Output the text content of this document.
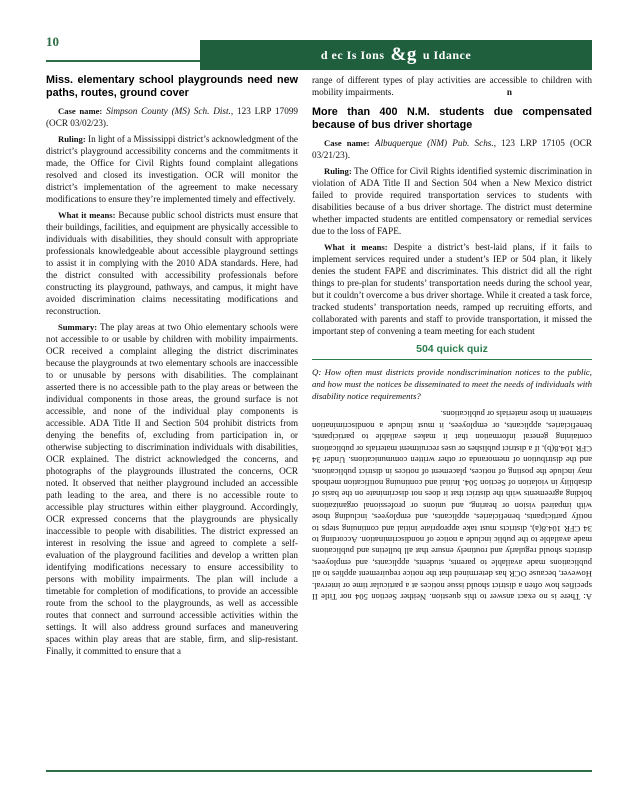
10
d ec Is Ions &g u Idance
Miss. elementary school playgrounds need new paths, routes, ground cover

Case name: Simpson County (MS) Sch. Dist., 123 LRP 17099 (OCR 03/02/23).

Ruling: In light of a Mississippi district’s acknowledgment of the district’s playground accessibility concerns and the commitments it made, the Office for Civil Rights found complaint allegations resolved and closed its investigation. OCR will monitor the district’s implementation of the agreement to make necessary modifications to ensure they’re implemented timely and effectively.

What it means: Because public school districts must ensure that their buildings, facilities, and equipment are physically accessible to individuals with disabilities, they should consult with appropriate professionals knowledgeable about accessible playground settings to assist it in complying with the 2010 ADA standards. Here, had the district consulted with accessibility professionals before constructing its playground, pathways, and campus, it might have avoided discrimination claims necessitating modifications and reconstruction.

Summary: The play areas at two Ohio elementary schools were not accessible to or usable by children with mobility impairments. OCR received a complaint alleging the district discriminates because the playgrounds at two elementary schools are inaccessible to or unusable by persons with disabilities. The complainant asserted there is no accessible path to the play areas or between the individual components in those areas, the ground surface is not accessible, and none of the individual play components is accessible. ADA Title II and Section 504 prohibit districts from denying the benefits of, excluding from participation in, or otherwise subjecting to discrimination individuals with disabilities, OCR explained. The district acknowledged the concerns, and photographs of the playgrounds illustrated the concerns, OCR noted. It observed that neither playground included an accessible path leading to the area, and there is no accessible route to accessible play structures within either playground. Accordingly, OCR expressed concerns that the playgrounds are physically inaccessible to people with disabilities. The district expressed an interest in resolving the issue and agreed to complete a self-evaluation of the playground facilities and develop a written plan identifying modifications necessary to ensure accessibility to persons with mobility impairments. The plan will include a timetable for completion of modifications, to provide an accessible route from the school to the playgrounds, as well as accessible routes that connect and surround accessible activities within the settings. It will also address ground surfaces and maneuvering spaces within play areas that are stable, firm, and slip-resistant. Finally, it committed to ensure that a

range of different types of play activities are accessible to children with mobility impairments.	n

More than 400 N.M. students due compensated because of bus driver shortage

Case name: Albuquerque (NM) Pub. Schs., 123 LRP 17105 (OCR 03/21/23).

Ruling: The Office for Civil Rights identified systemic discrimination in violation of ADA Title II and Section 504 when a New Mexico district failed to provide required transportation services to students with disabilities because of a bus driver shortage. The district must determine whether impacted students are entitled compensatory or remedial services due to the loss of FAPE.

What it means: Despite a district’s best-laid plans, if it fails to implement services required under a student’s IEP or 504 plan, it likely denies the student FAPE and discriminates. This district did all the right things to pre-plan for students’ transportation needs during the school year, but it couldn’t overcome a bus driver shortage. While it created a task force, tracked students’ transportation needs, ramped up recruiting efforts, and collaborated with parents and staff to provide transportation, it missed the important step of convening a team meeting for each student

504 quick quiz

Q: How often must districts provide nondiscrimination notices to the public, and how must the notices be disseminated to meet the needs of individuals with disability notice requirements?

A: There is no exact answer to this question. Neither Section 504 nor Title II specifies how often a district should issue notices at a particular time or interval. However, because OCR has determined that the notice requirement applies to all publications made available to parents, students, applicants, and employees, districts should regularly and routinely ensure that all bulletins and publications made available to the public include a notice of nondiscrimination. According to 34 CFR 104.8(a), districts must take appropriate initial and continuing steps to notify participants, beneficiaries, applicants, and employees, including those with impaired vision or hearing, and unions or professional organizations holding agreements with the district that it does not discriminate on the basis of disability in violation of Section 504. Initial and continuing notification methods may include the posting of notices, placement of notices in district publications, and the distribution of memoranda or other written communications. Under 34 CFR 104.8(b), if a district publishes or uses recruitment materials or publications containing general information that it makes available to participants, beneficiaries, applicants, or employees, it must include a nondiscrimination statement in those materials or publications.
